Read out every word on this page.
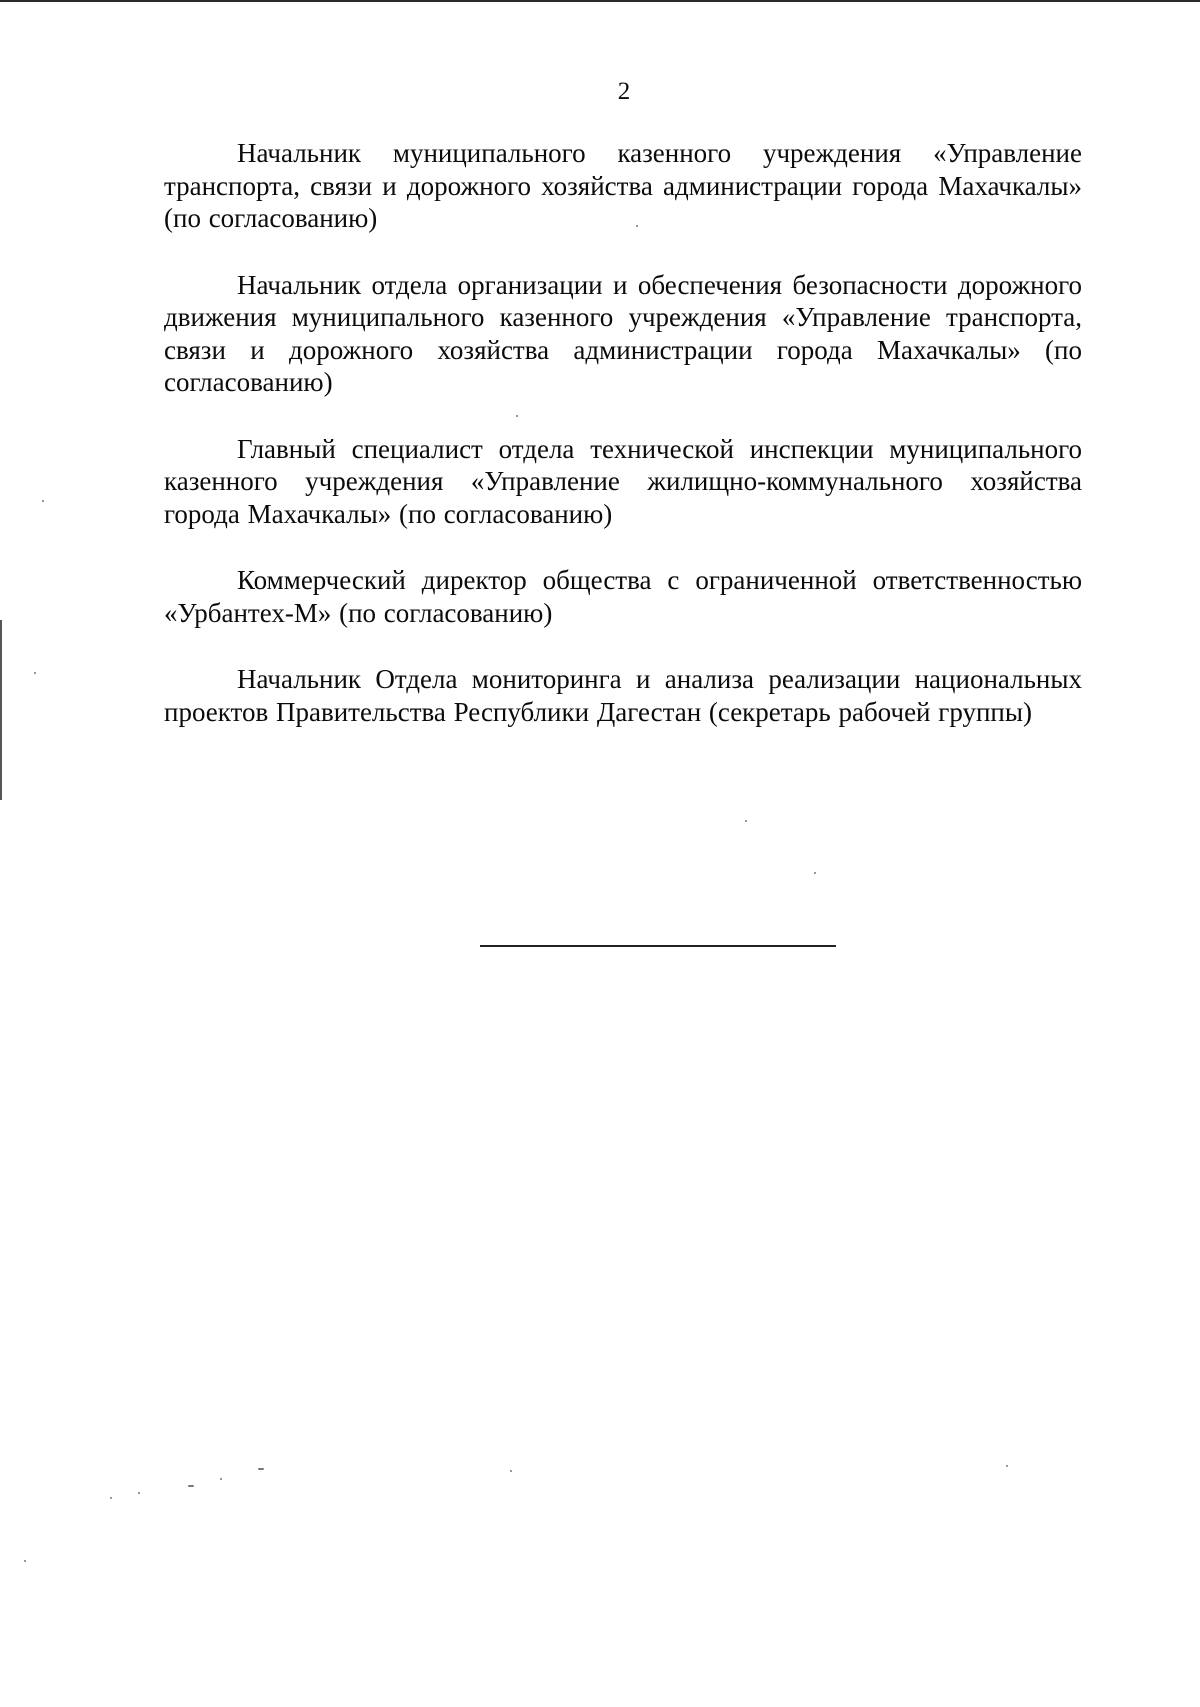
2

Начальник муниципального казенного учреждения «Управление транспорта, связи и дорожного хозяйства администрации города Махачкалы» (по согласованию)

Начальник отдела организации и обеспечения безопасности дорожного движения муниципального казенного учреждения «Управление транспорта, связи и дорожного хозяйства администрации города Махачкалы» (по согласованию)

Главный специалист отдела технической инспекции муниципального казенного учреждения «Управление жилищно-коммунального хозяйства города Махачкалы» (по согласованию)

Коммерческий директор общества с ограниченной ответственностью «Урбантех-М» (по согласованию)

Начальник Отдела мониторинга и анализа реализации национальных проектов Правительства Республики Дагестан (секретарь рабочей группы)
